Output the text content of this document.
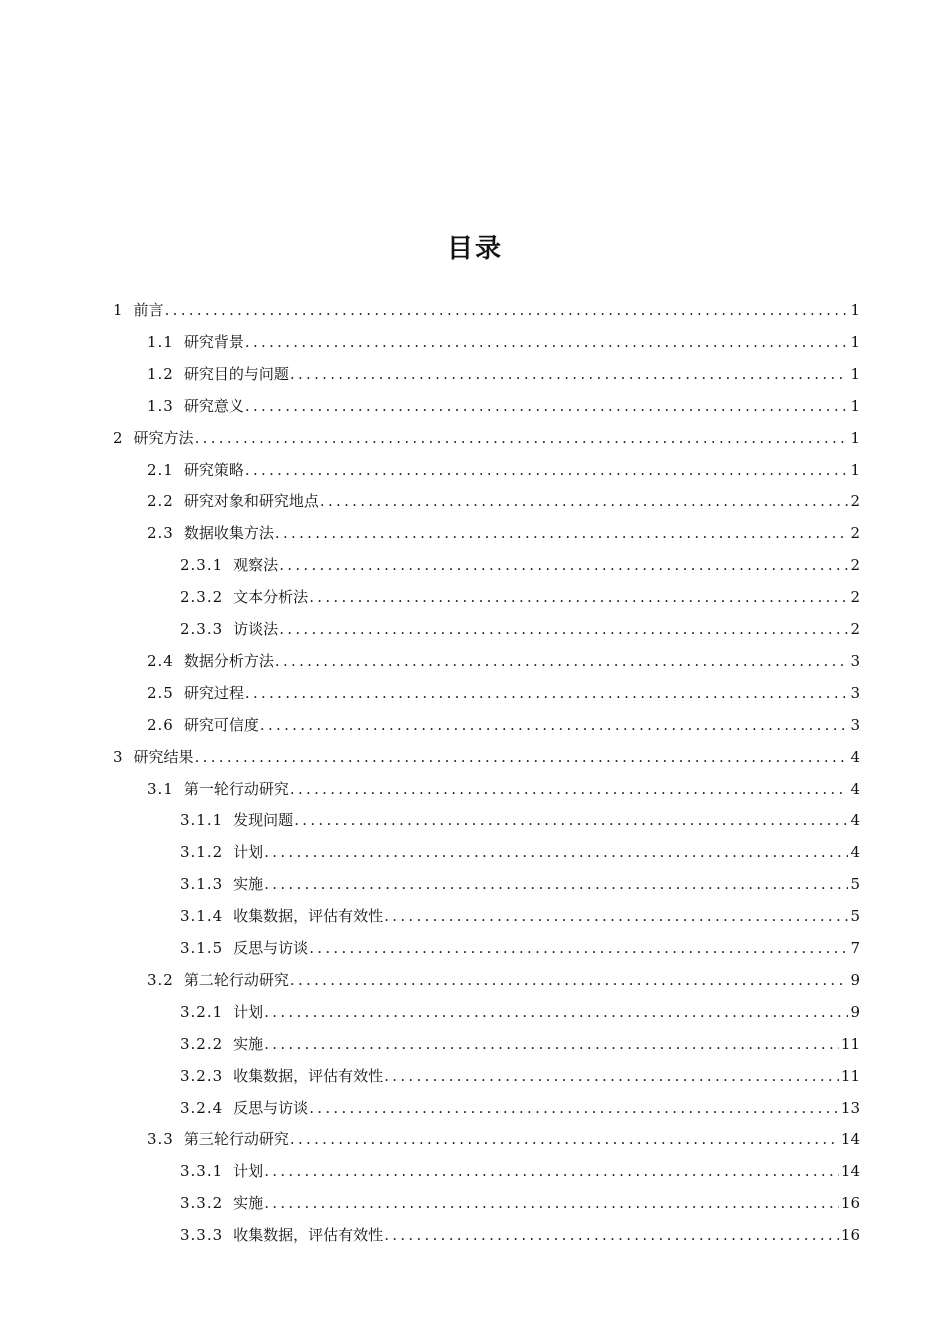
目录
1 前言 .....	1
1.1 研究背景 .....	1
1.2 研究目的与问题 .....	1
1.3 研究意义 .....	1
2 研究方法 .....	1
2.1 研究策略 .....	1
2.2 研究对象和研究地点 .....	2
2.3 数据收集方法 .....	2
2.3.1 观察法 .....	2
2.3.2 文本分析法 .....	2
2.3.3 访谈法 .....	2
2.4 数据分析方法 .....	3
2.5 研究过程 .....	3
2.6 研究可信度 .....	3
3 研究结果 .....	4
3.1 第一轮行动研究 .....	4
3.1.1 发现问题 .....	4
3.1.2 计划 .....	4
3.1.3 实施 .....	5
3.1.4 收集数据，评估有效性 .....	5
3.1.5 反思与访谈 .....	7
3.2 第二轮行动研究 .....	9
3.2.1 计划 .....	9
3.2.2 实施 .....	11
3.2.3 收集数据，评估有效性 .....	11
3.2.4 反思与访谈 .....	13
3.3 第三轮行动研究 .....	14
3.3.1 计划 .....	14
3.3.2 实施 .....	16
3.3.3 收集数据，评估有效性 .....	16
